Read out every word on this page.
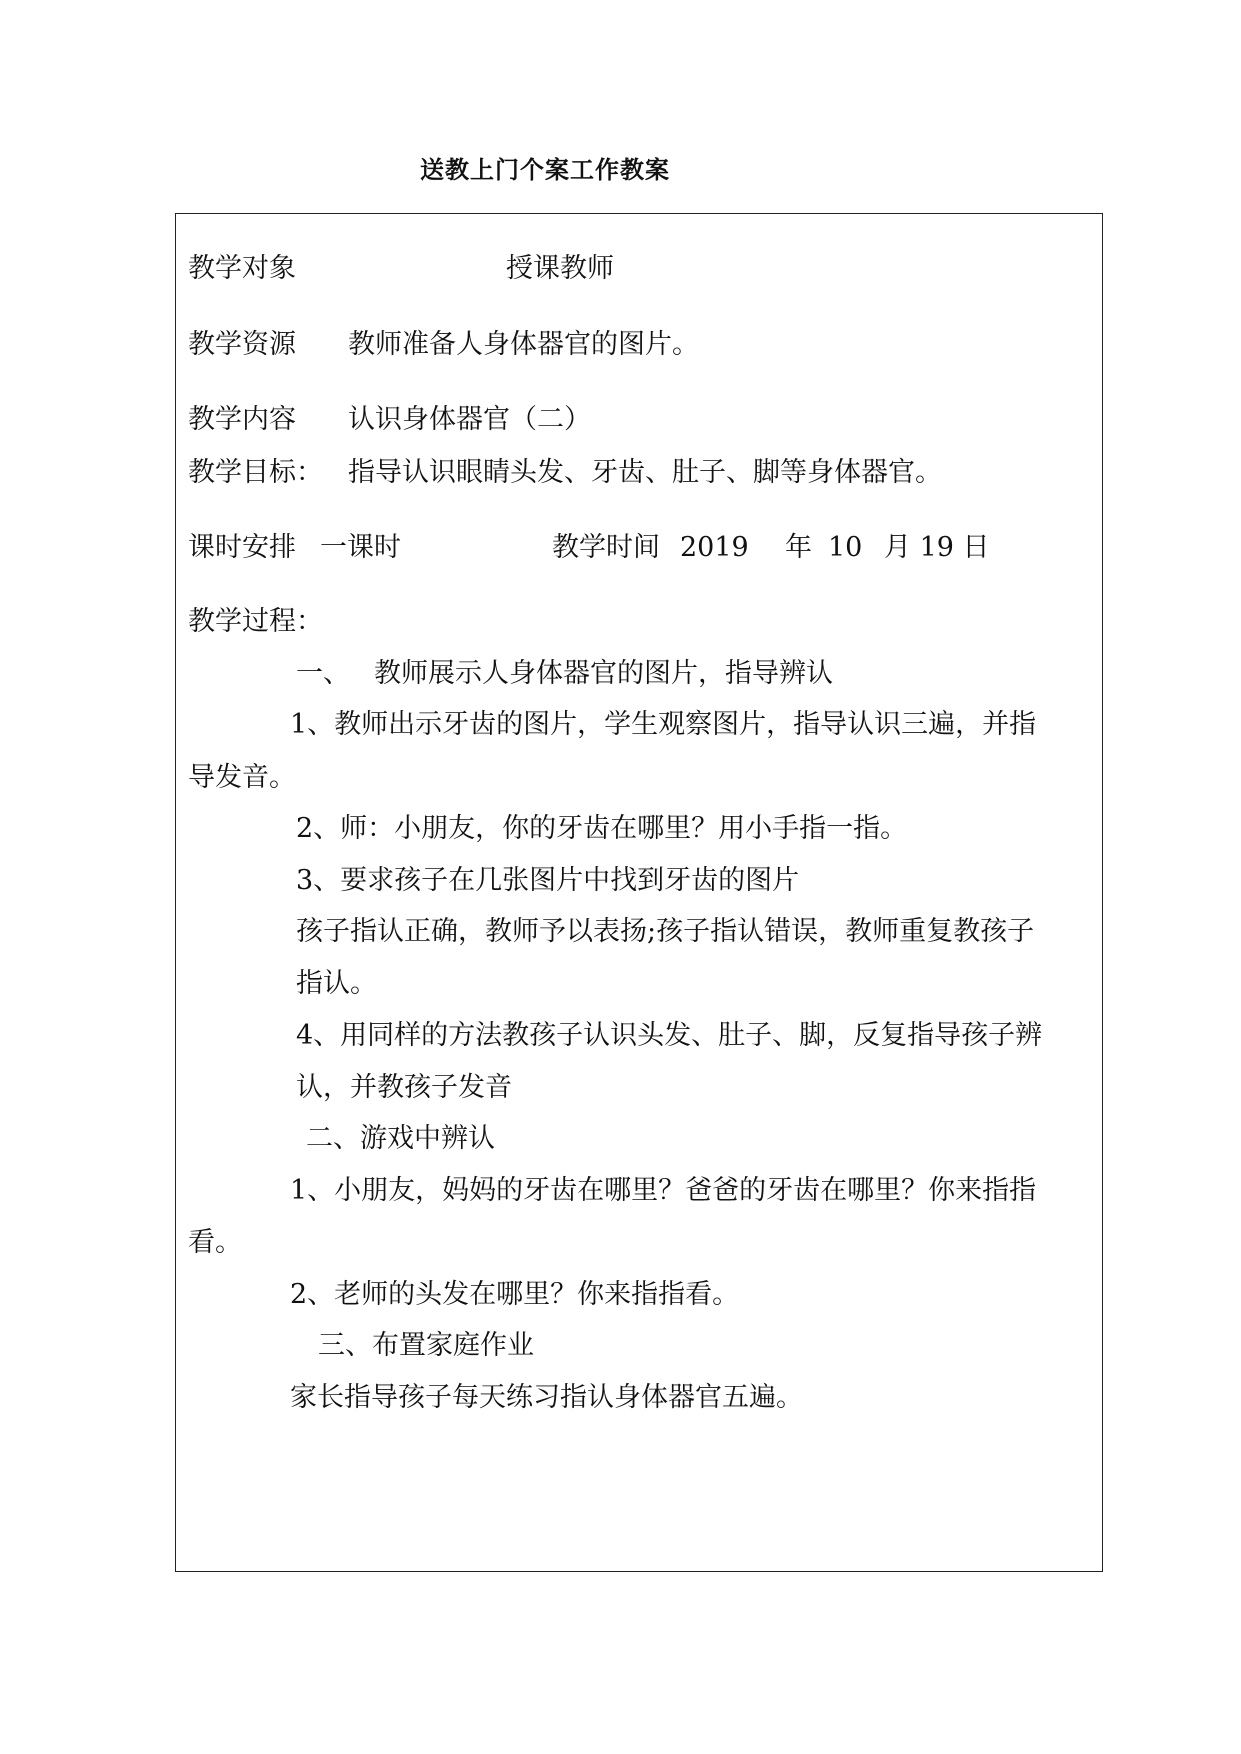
送教上门个案工作教案
教学对象	授课教师
教学资源 教师准备人身体器官的图片。
教学内容 认识身体器官（二）
教学目标： 指导认识眼睛头发、牙齿、肚子、脚等身体器官。
课时安排 一课时	教学时间 2019 年 10 月 19 日
教学过程：
一、 教师展示人身体器官的图片，指导辨认
1、教师出示牙齿的图片，学生观察图片，指导认识三遍，并指
导发音。
2、师：小朋友，你的牙齿在哪里？用小手指一指。
3、要求孩子在几张图片中找到牙齿的图片
孩子指认正确，教师予以表扬;孩子指认错误，教师重复教孩子
指认。
4、用同样的方法教孩子认识头发、肚子、脚，反复指导孩子辨
认，并教孩子发音
二、游戏中辨认
1、小朋友，妈妈的牙齿在哪里？爸爸的牙齿在哪里？你来指指
看。
2、老师的头发在哪里？你来指指看。
三、布置家庭作业
家长指导孩子每天练习指认身体器官五遍。
